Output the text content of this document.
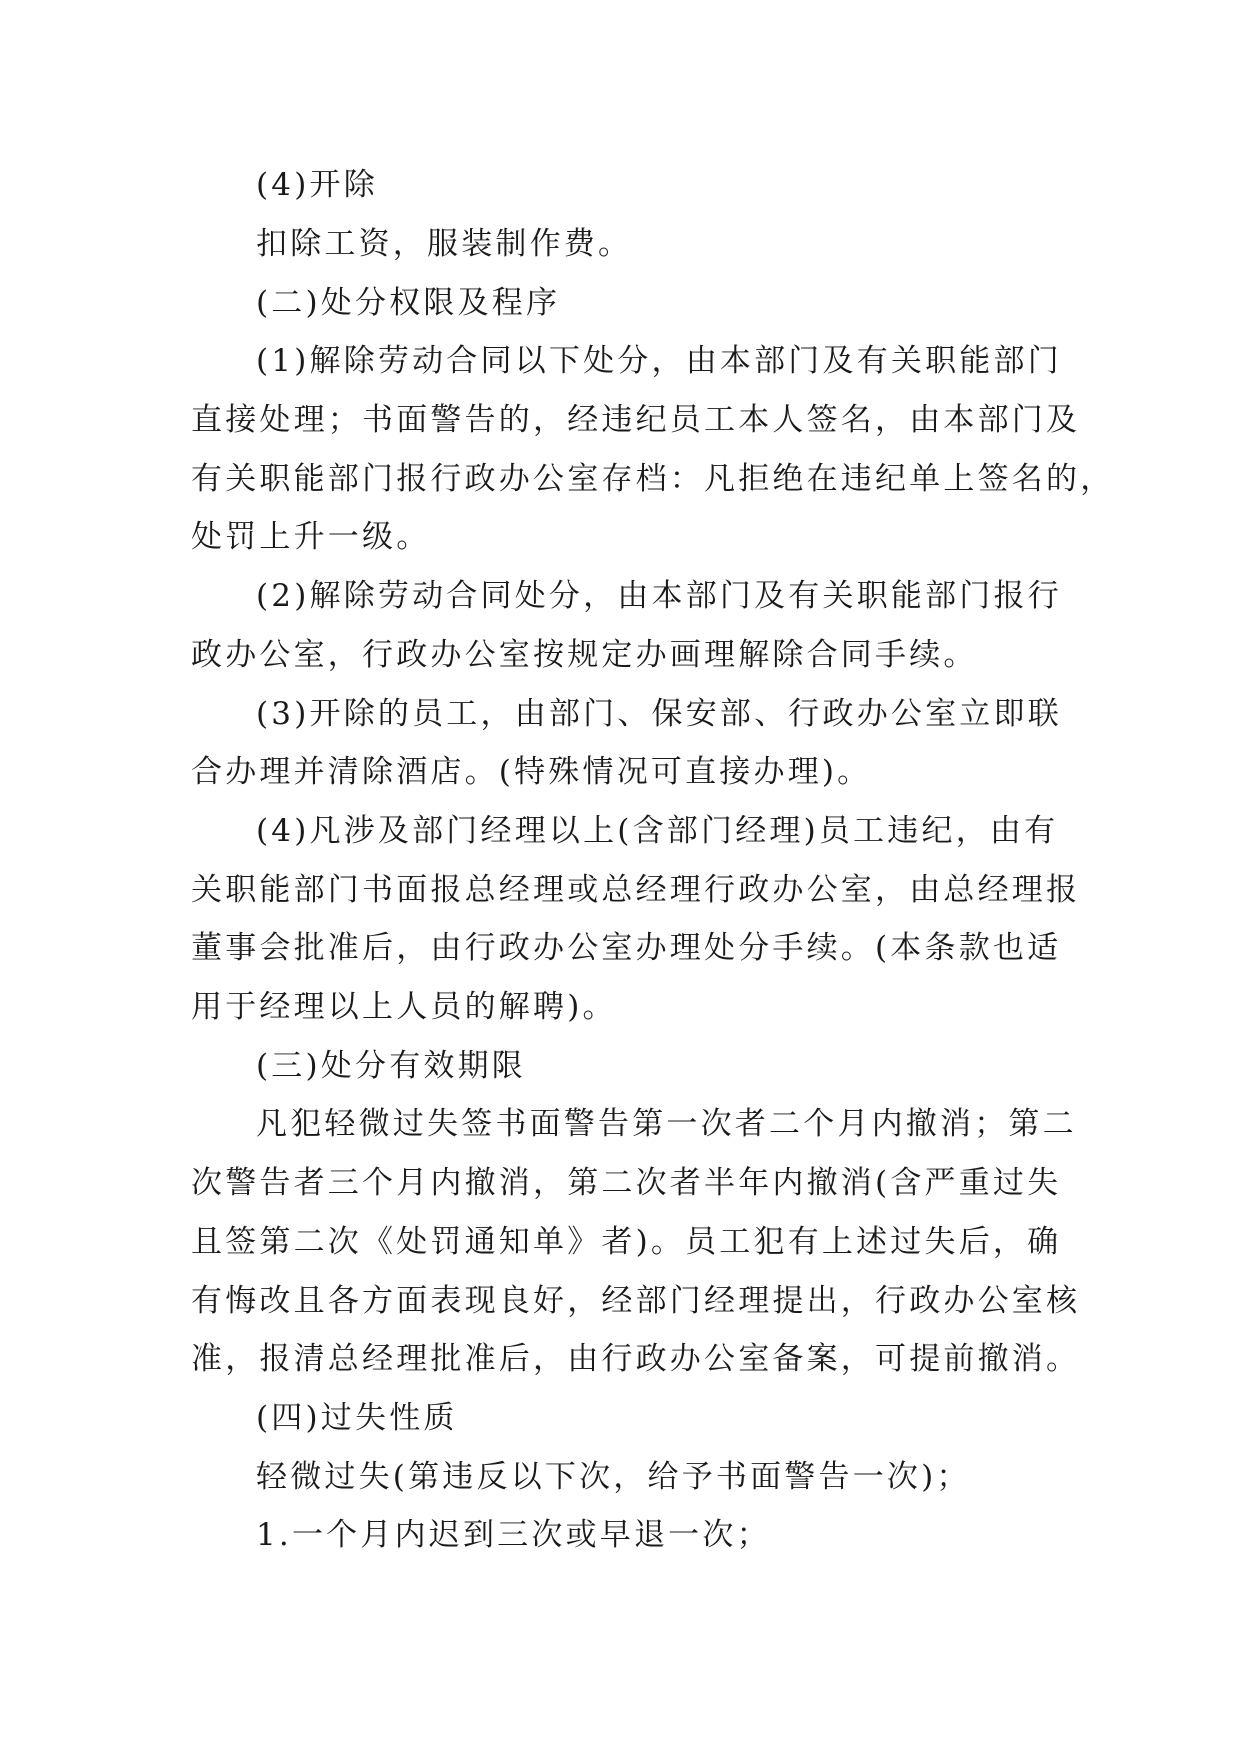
(4)开除
扣除工资，服装制作费。
(二)处分权限及程序
(1)解除劳动合同以下处分，由本部门及有关职能部门
直接处理；书面警告的，经违纪员工本人签名，由本部门及
有关职能部门报行政办公室存档：凡拒绝在违纪单上签名的，
处罚上升一级。
(2)解除劳动合同处分，由本部门及有关职能部门报行
政办公室，行政办公室按规定办画理解除合同手续。
(3)开除的员工，由部门、保安部、行政办公室立即联
合办理并清除酒店。(特殊情况可直接办理)。
(4)凡涉及部门经理以上(含部门经理)员工违纪，由有
关职能部门书面报总经理或总经理行政办公室，由总经理报
董事会批准后，由行政办公室办理处分手续。(本条款也适
用于经理以上人员的解聘)。
(三)处分有效期限
凡犯轻微过失签书面警告第一次者二个月内撤消；第二
次警告者三个月内撤消，第二次者半年内撤消(含严重过失
且签第二次《处罚通知单》者)。员工犯有上述过失后，确
有悔改且各方面表现良好，经部门经理提出，行政办公室核
准，报清总经理批准后，由行政办公室备案，可提前撤消。
(四)过失性质
轻微过失(第违反以下次，给予书面警告一次)；
1.一个月内迟到三次或早退一次；
